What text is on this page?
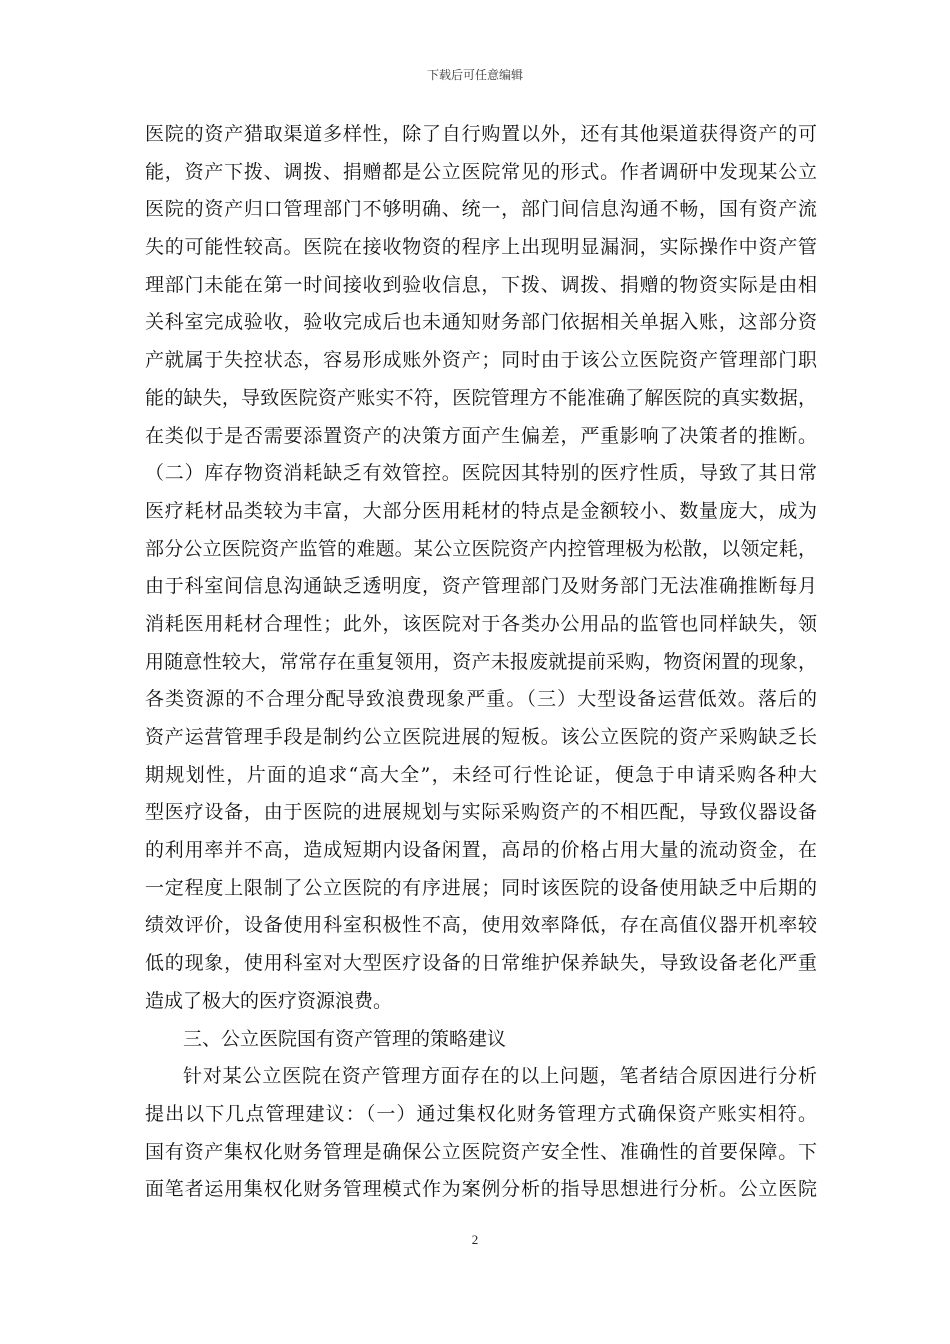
下载后可任意编辑
医院的资产猎取渠道多样性，除了自行购置以外，还有其他渠道获得资产的可
能，资产下拨、调拨、捐赠都是公立医院常见的形式。作者调研中发现某公立
医院的资产归口管理部门不够明确、统一，部门间信息沟通不畅，国有资产流
失的可能性较高。医院在接收物资的程序上出现明显漏洞，实际操作中资产管
理部门未能在第一时间接收到验收信息，下拨、调拨、捐赠的物资实际是由相
关科室完成验收，验收完成后也未通知财务部门依据相关单据入账，这部分资
产就属于失控状态，容易形成账外资产；同时由于该公立医院资产管理部门职
能的缺失，导致医院资产账实不符，医院管理方不能准确了解医院的真实数据，
在类似于是否需要添置资产的决策方面产生偏差，严重影响了决策者的推断。
（二）库存物资消耗缺乏有效管控。医院因其特别的医疗性质，导致了其日常
医疗耗材品类较为丰富，大部分医用耗材的特点是金额较小、数量庞大，成为
部分公立医院资产监管的难题。某公立医院资产内控管理极为松散，以领定耗，
由于科室间信息沟通缺乏透明度，资产管理部门及财务部门无法准确推断每月
消耗医用耗材合理性；此外，该医院对于各类办公用品的监管也同样缺失，领
用随意性较大，常常存在重复领用，资产未报废就提前采购，物资闲置的现象，
各类资源的不合理分配导致浪费现象严重。（三）大型设备运营低效。落后的
资产运营管理手段是制约公立医院进展的短板。该公立医院的资产采购缺乏长
期规划性，片面的追求“高大全”，未经可行性论证，便急于申请采购各种大
型医疗设备，由于医院的进展规划与实际采购资产的不相匹配，导致仪器设备
的利用率并不高，造成短期内设备闲置，高昂的价格占用大量的流动资金，在
一定程度上限制了公立医院的有序进展；同时该医院的设备使用缺乏中后期的
绩效评价，设备使用科室积极性不高，使用效率降低，存在高值仪器开机率较
低的现象，使用科室对大型医疗设备的日常维护保养缺失，导致设备老化严重
造成了极大的医疗资源浪费。
三、公立医院国有资产管理的策略建议
针对某公立医院在资产管理方面存在的以上问题，笔者结合原因进行分析
提出以下几点管理建议：（一）通过集权化财务管理方式确保资产账实相符。
国有资产集权化财务管理是确保公立医院资产安全性、准确性的首要保障。下
面笔者运用集权化财务管理模式作为案例分析的指导思想进行分析。公立医院
2
